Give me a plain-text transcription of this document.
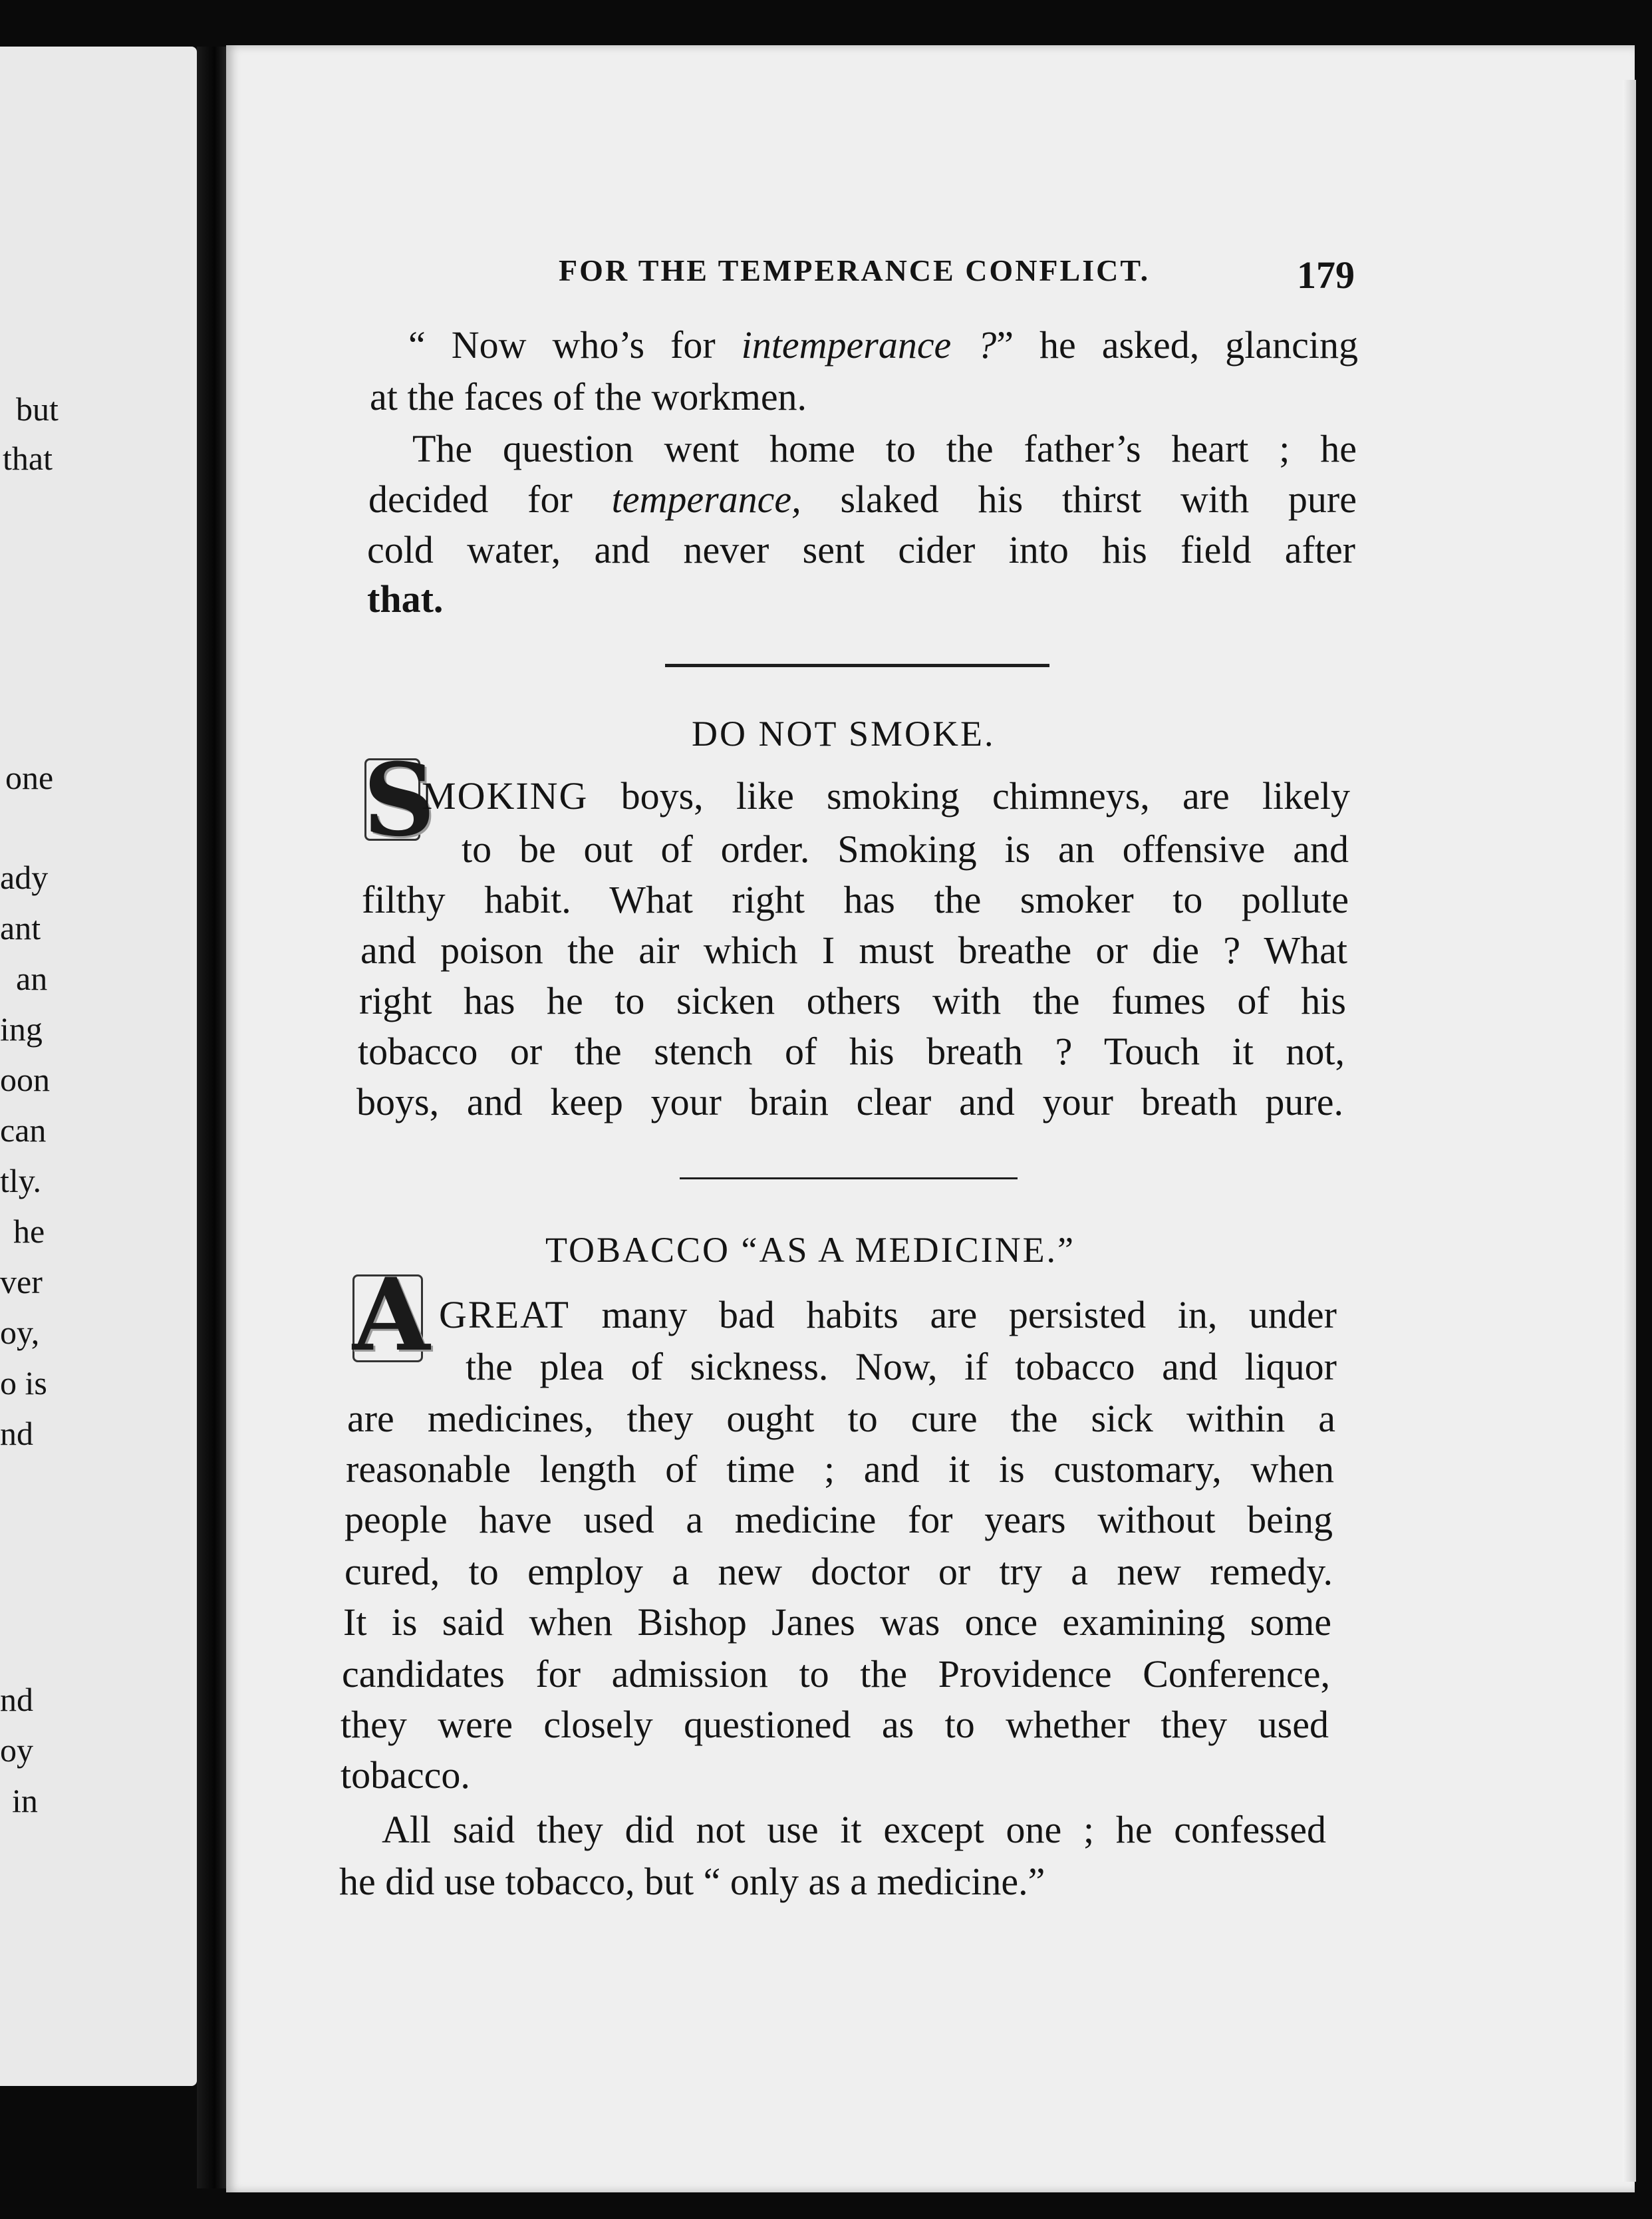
but
that
one
ady
ant
an
ing
oon
can
tly.
he
ver
oy,
o is
nd
nd
oy
in
FOR THE TEMPERANCE CONFLICT.	179
“ Now who’s for intemperance ?” he asked, glancing
at the faces of the workmen.
The question went home to the father’s heart ; he
decided for temperance, slaked his thirst with pure
cold water, and never sent cider into his field after
that.
DO NOT SMOKE.
S
MOKING boys, like smoking chimneys, are likely
to be out of order. Smoking is an offensive and
filthy habit. What right has the smoker to pollute
and poison the air which I must breathe or die ? What
right has he to sicken others with the fumes of his
tobacco or the stench of his breath ? Touch it not,
boys, and keep your brain clear and your breath pure.
TOBACCO “AS A MEDICINE.”
A GREAT many bad habits are persisted in, under
the plea of sickness. Now, if tobacco and liquor
are medicines, they ought to cure the sick within a
reasonable length of time ; and it is customary, when
people have used a medicine for years without being
cured, to employ a new doctor or try a new remedy.
It is said when Bishop Janes was once examining some
candidates for admission to the Providence Conference,
they were closely questioned as to whether they used
tobacco.
All said they did not use it except one ; he confessed
he did use tobacco, but “ only as a medicine.”
